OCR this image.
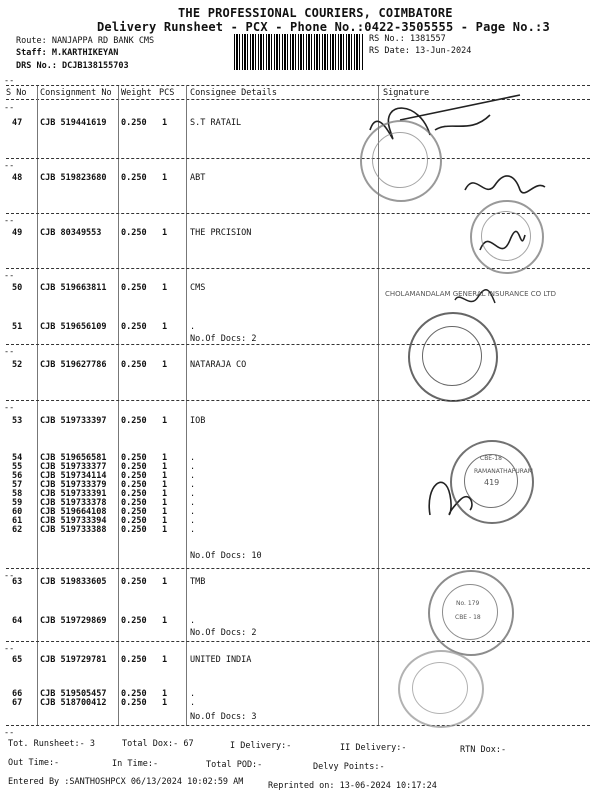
THE PROFESSIONAL COURIERS, COIMBATORE
Delivery Runsheet - PCX - Phone No.:0422-3505555 - Page No.:3
Route: NANJAPPA RD BANK CMS
Staff: M.KARTHIKEYAN
DRS No.: DCJB138155703
RS No.: 1381557
RS Date: 13-Jun-2024
--
S No Consignment No Weight PCS Consignee Details	Signature
--
--
--
--
--
--
--
--
--
47 CJB 519441619 0.250 1	S.T RATAIL
48 CJB 519823680 0.250 1	ABT
49 CJB 80349553 0.250 1	THE PRCISION
50 CJB 519663811 0.250 1	CMS
51 CJB 519656109 0.250 1	.
52 CJB 519627786 0.250 1	NATARAJA CO
53 CJB 519733397 0.250 1	IOB
54 CJB 519656581 0.250 1	.
55 CJB 519733377 0.250 1	.
56 CJB 519734114 0.250 1	.
57 CJB 519733379 0.250 1	.
58 CJB 519733391 0.250 1	.
59 CJB 519733378 0.250 1	.
60 CJB 519664108 0.250 1	.
61 CJB 519733394 0.250 1	.
62 CJB 519733388 0.250 1	.
63 CJB 519833605 0.250 1	TMB
64 CJB 519729869 0.250 1	.
65 CJB 519729781 0.250 1	UNITED INDIA
66 CJB 519505457 0.250 1	.
67 CJB 518700412 0.250 1	.
No.Of Docs: 2
No.Of Docs: 10
No.Of Docs: 2
No.Of Docs: 3
CHOLAMANDALAM GENERAL INSURANCE CO LTD
RAMANATHAPURAM
419
CBE-18
No. 179
CBE - 18
Tot. Runsheet:- 3	Total Dox:- 67	I Delivery:-	II Delivery:-	RTN Dox:-
Out Time:-	In Time:-	Total POD:-	Delvy Points:-
Entered By :SANTHOSHPCX 06/13/2024 10:02:59 AM	Reprinted on: 13-06-2024 10:17:24
